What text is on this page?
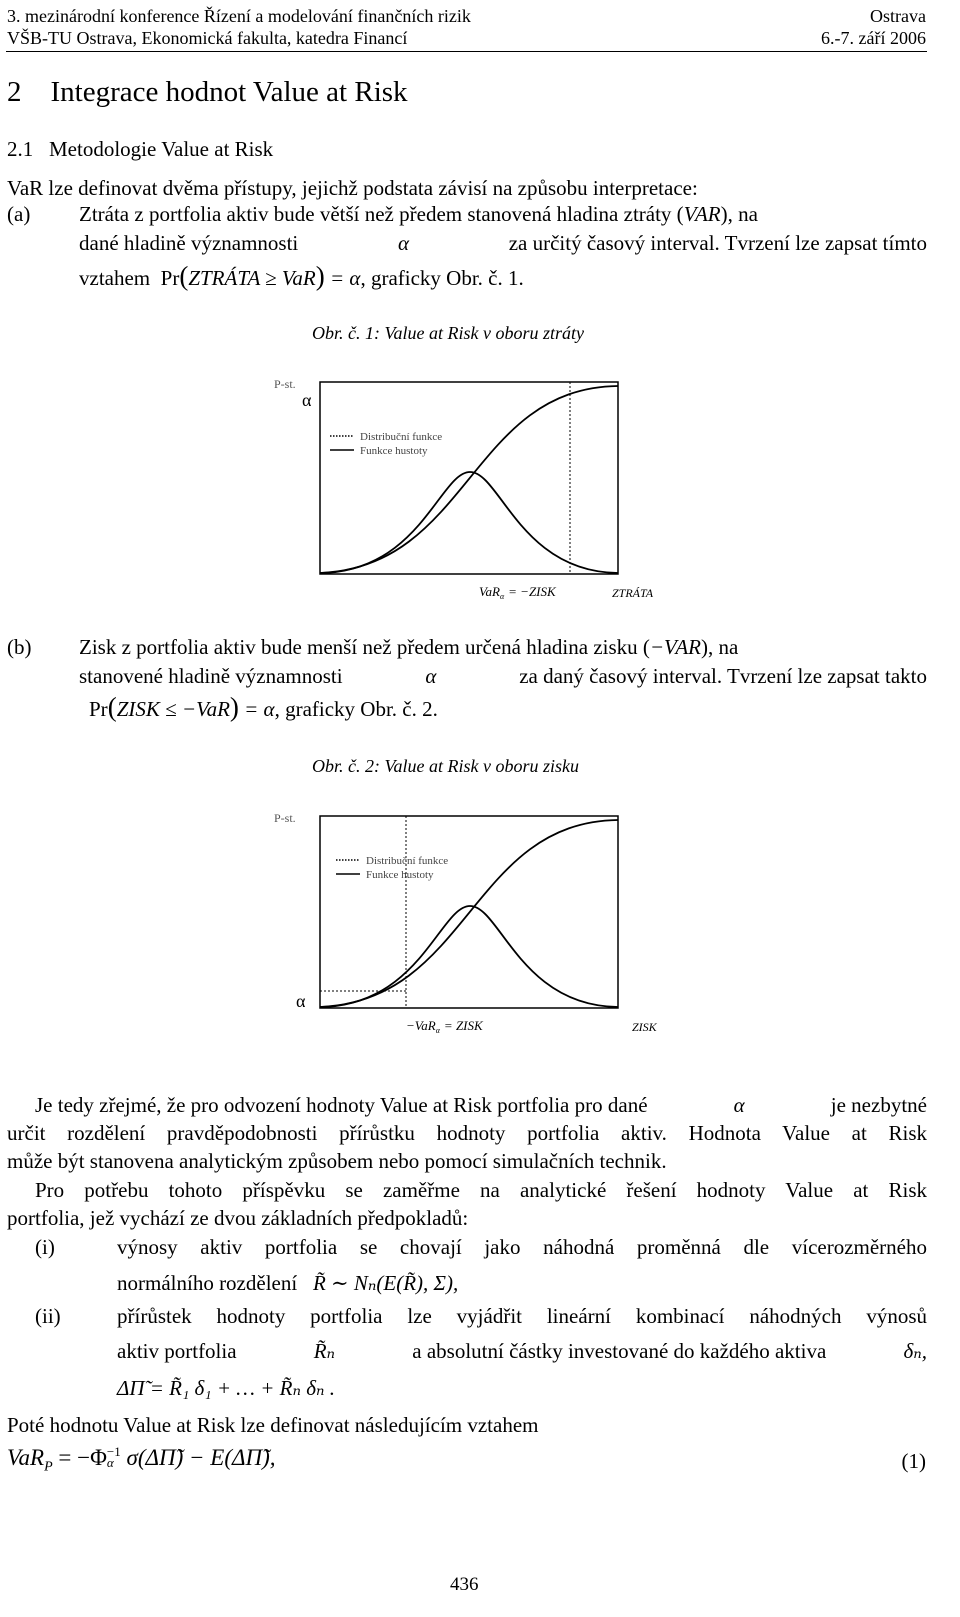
3. mezinárodní konference Řízení a modelování finančních rizik	Ostrava
VŠB-TU Ostrava, Ekonomická fakulta, katedra Financí	6.-7. září 2006
2    Integrace hodnot Value at Risk
2.1   Metodologie Value at Risk
VaR lze definovat dvěma přístupy, jejichž podstata závisí na způsobu interpretace:
(a) Ztráta z portfolia aktiv bude větší než předem stanovená hladina ztráty (VAR), na
dané hladině významnosti	α	za určitý časový interval. Tvrzení lze zapsat tímto
vztahem Pr(ZTRÁTA ≥ VaR) = α, graficky Obr. č. 1.
Obr. č. 1: Value at Risk v oboru ztráty
P-st.
α
Distribuční funkce
Funkce hustoty
VaR$_\alpha$ = −ZISK	ZTRÁTA
(b) Zisk z portfolia aktiv bude menší než předem určená hladina zisku (−VAR), na
stanovené hladině významnosti	α	za daný časový interval. Tvrzení lze zapsat takto
Pr(ZISK ≤ −VaR) = α, graficky Obr. č. 2.
Obr. č. 2: Value at Risk v oboru zisku
P-st.
α
Distribuční funkce
Funkce hustoty
−VaR$_\alpha$ = ZISK	ZISK
Je tedy zřejmé, že pro odvození hodnoty Value at Risk portfolia pro dané	α	je nezbytné
určit rozdělení pravděpodobnosti přírůstku hodnoty portfolia aktiv. Hodnota Value at Risk
může být stanovena analytickým způsobem nebo pomocí simulačních technik.
Pro potřebu tohoto příspěvku se zaměřme na analytické řešení hodnoty Value at Risk
portfolia, jež vychází ze dvou základních předpokladů:
(i)	výnosy aktiv portfolia se chovají jako náhodná proměnná dle vícerozměrného
normálního rozdělení R̃ ∼ Nₙ(E(R̃), Σ),
(ii)	přírůstek hodnoty portfolia lze vyjádřit lineární kombinací náhodných výnosů
aktiv portfolia	R̃ₙ	a absolutní částky investované do každého aktiva	δₙ,
ΔΠ̃ = R̃₁ δ₁ + … + R̃ₙ δₙ .
Poté hodnotu Value at Risk lze definovat následujícím vztahem
VaR$_P$ = −Φ −1
α σ(ΔΠ̃) − E(ΔΠ̃),	(1)
436
